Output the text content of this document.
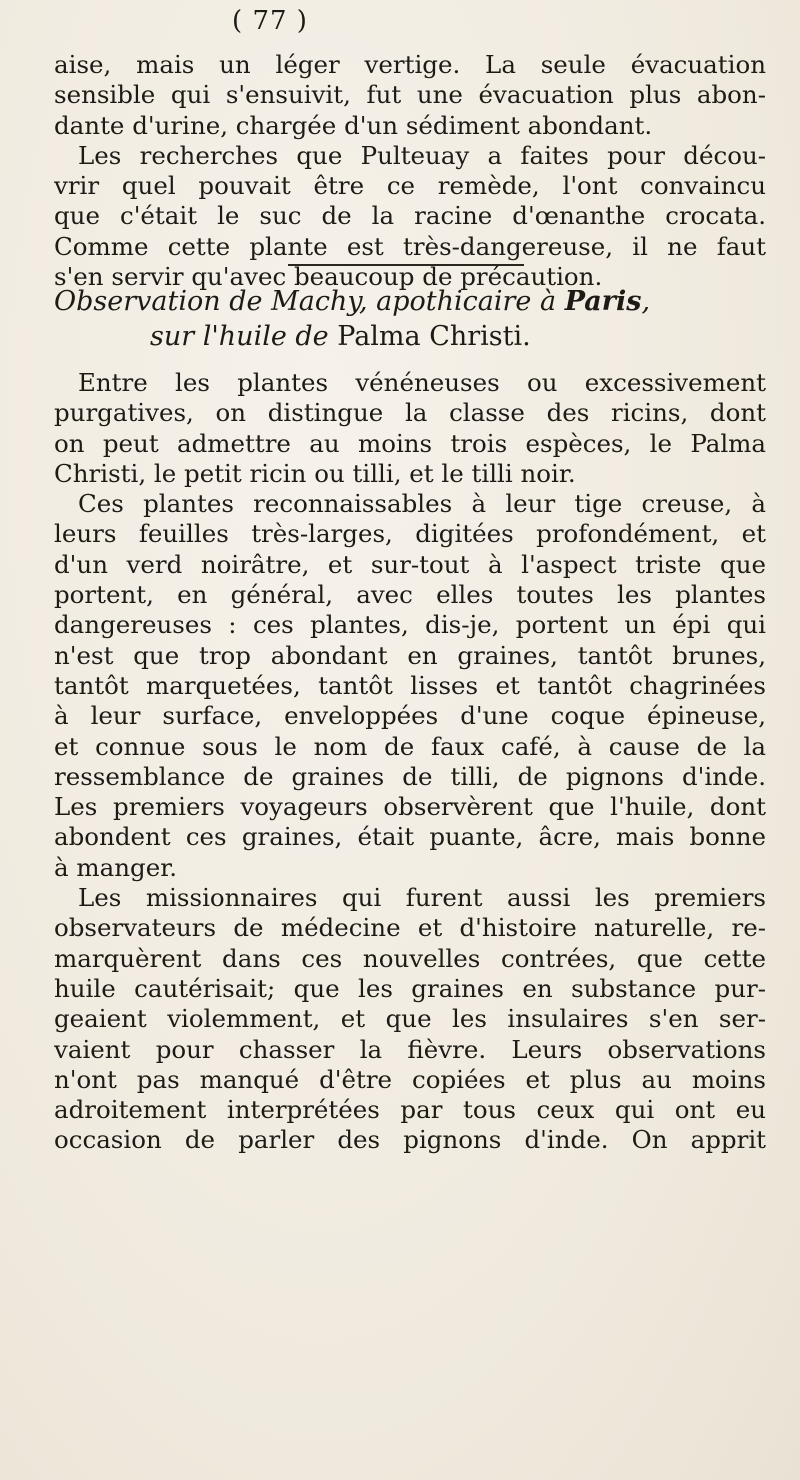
( 77 )
aise, mais un léger vertige. La seule évacuation
sensible qui s'ensuivit, fut une évacuation plus abon-
dante d'urine, chargée d'un sédiment abondant.
Les recherches que Pulteuay a faites pour décou-
vrir quel pouvait être ce remède, l'ont convaincu
que c'était le suc de la racine d'œnanthe crocata.
Comme cette plante est très-dangereuse, il ne faut
s'en servir qu'avec beaucoup de précaution.
Observation de Machy, apothicaire à Paris,
sur l'huile de Palma Christi.
Entre les plantes vénéneuses ou excessivement
purgatives, on distingue la classe des ricins, dont
on peut admettre au moins trois espèces, le Palma
Christi, le petit ricin ou tilli, et le tilli noir.
Ces plantes reconnaissables à leur tige creuse, à
leurs feuilles très-larges, digitées profondément, et
d'un verd noirâtre, et sur-tout à l'aspect triste que
portent, en général, avec elles toutes les plantes
dangereuses : ces plantes, dis-je, portent un épi qui
n'est que trop abondant en graines, tantôt brunes,
tantôt marquetées, tantôt lisses et tantôt chagrinées
à leur surface, enveloppées d'une coque épineuse,
et connue sous le nom de faux café, à cause de la
ressemblance de graines de tilli, de pignons d'inde.
Les premiers voyageurs observèrent que l'huile, dont
abondent ces graines, était puante, âcre, mais bonne
à manger.
Les missionnaires qui furent aussi les premiers
observateurs de médecine et d'histoire naturelle, re-
marquèrent dans ces nouvelles contrées, que cette
huile cautérisait; que les graines en substance pur-
geaient violemment, et que les insulaires s'en ser-
vaient pour chasser la fièvre. Leurs observations
n'ont pas manqué d'être copiées et plus au moins
adroitement interprétées par tous ceux qui ont eu
occasion de parler des pignons d'inde. On apprit
